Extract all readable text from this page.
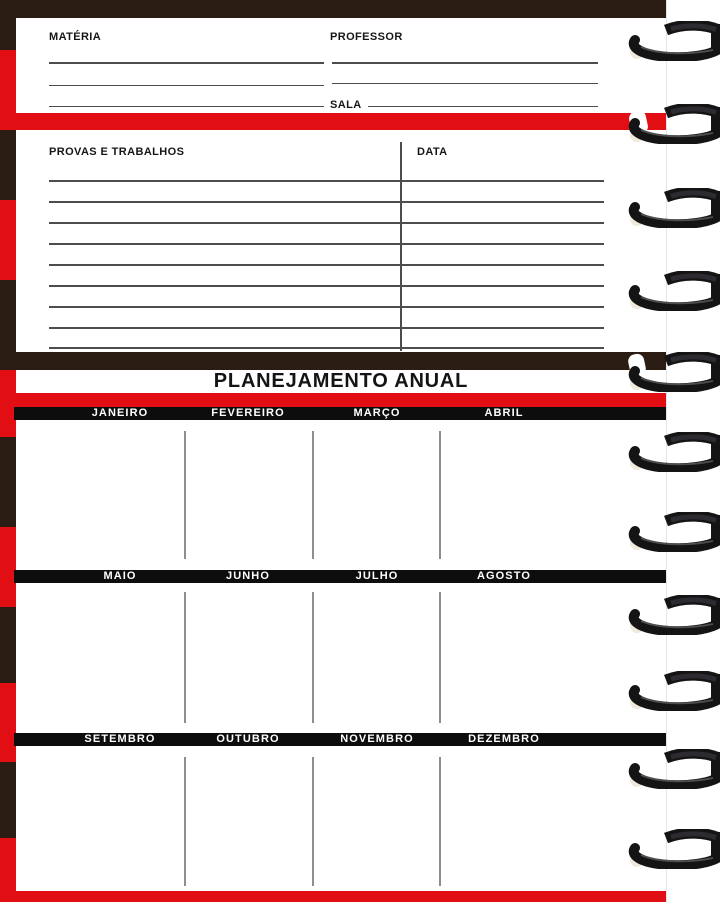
MATÉRIA	PROFESSOR
SALA
PROVAS E TRABALHOS	DATA
PLANEJAMENTO ANUAL
JANEIRO	FEVEREIRO	MARÇO	ABRIL
MAIO	JUNHO	JULHO	AGOSTO
SETEMBRO	OUTUBRO	NOVEMBRO	DEZEMBRO
